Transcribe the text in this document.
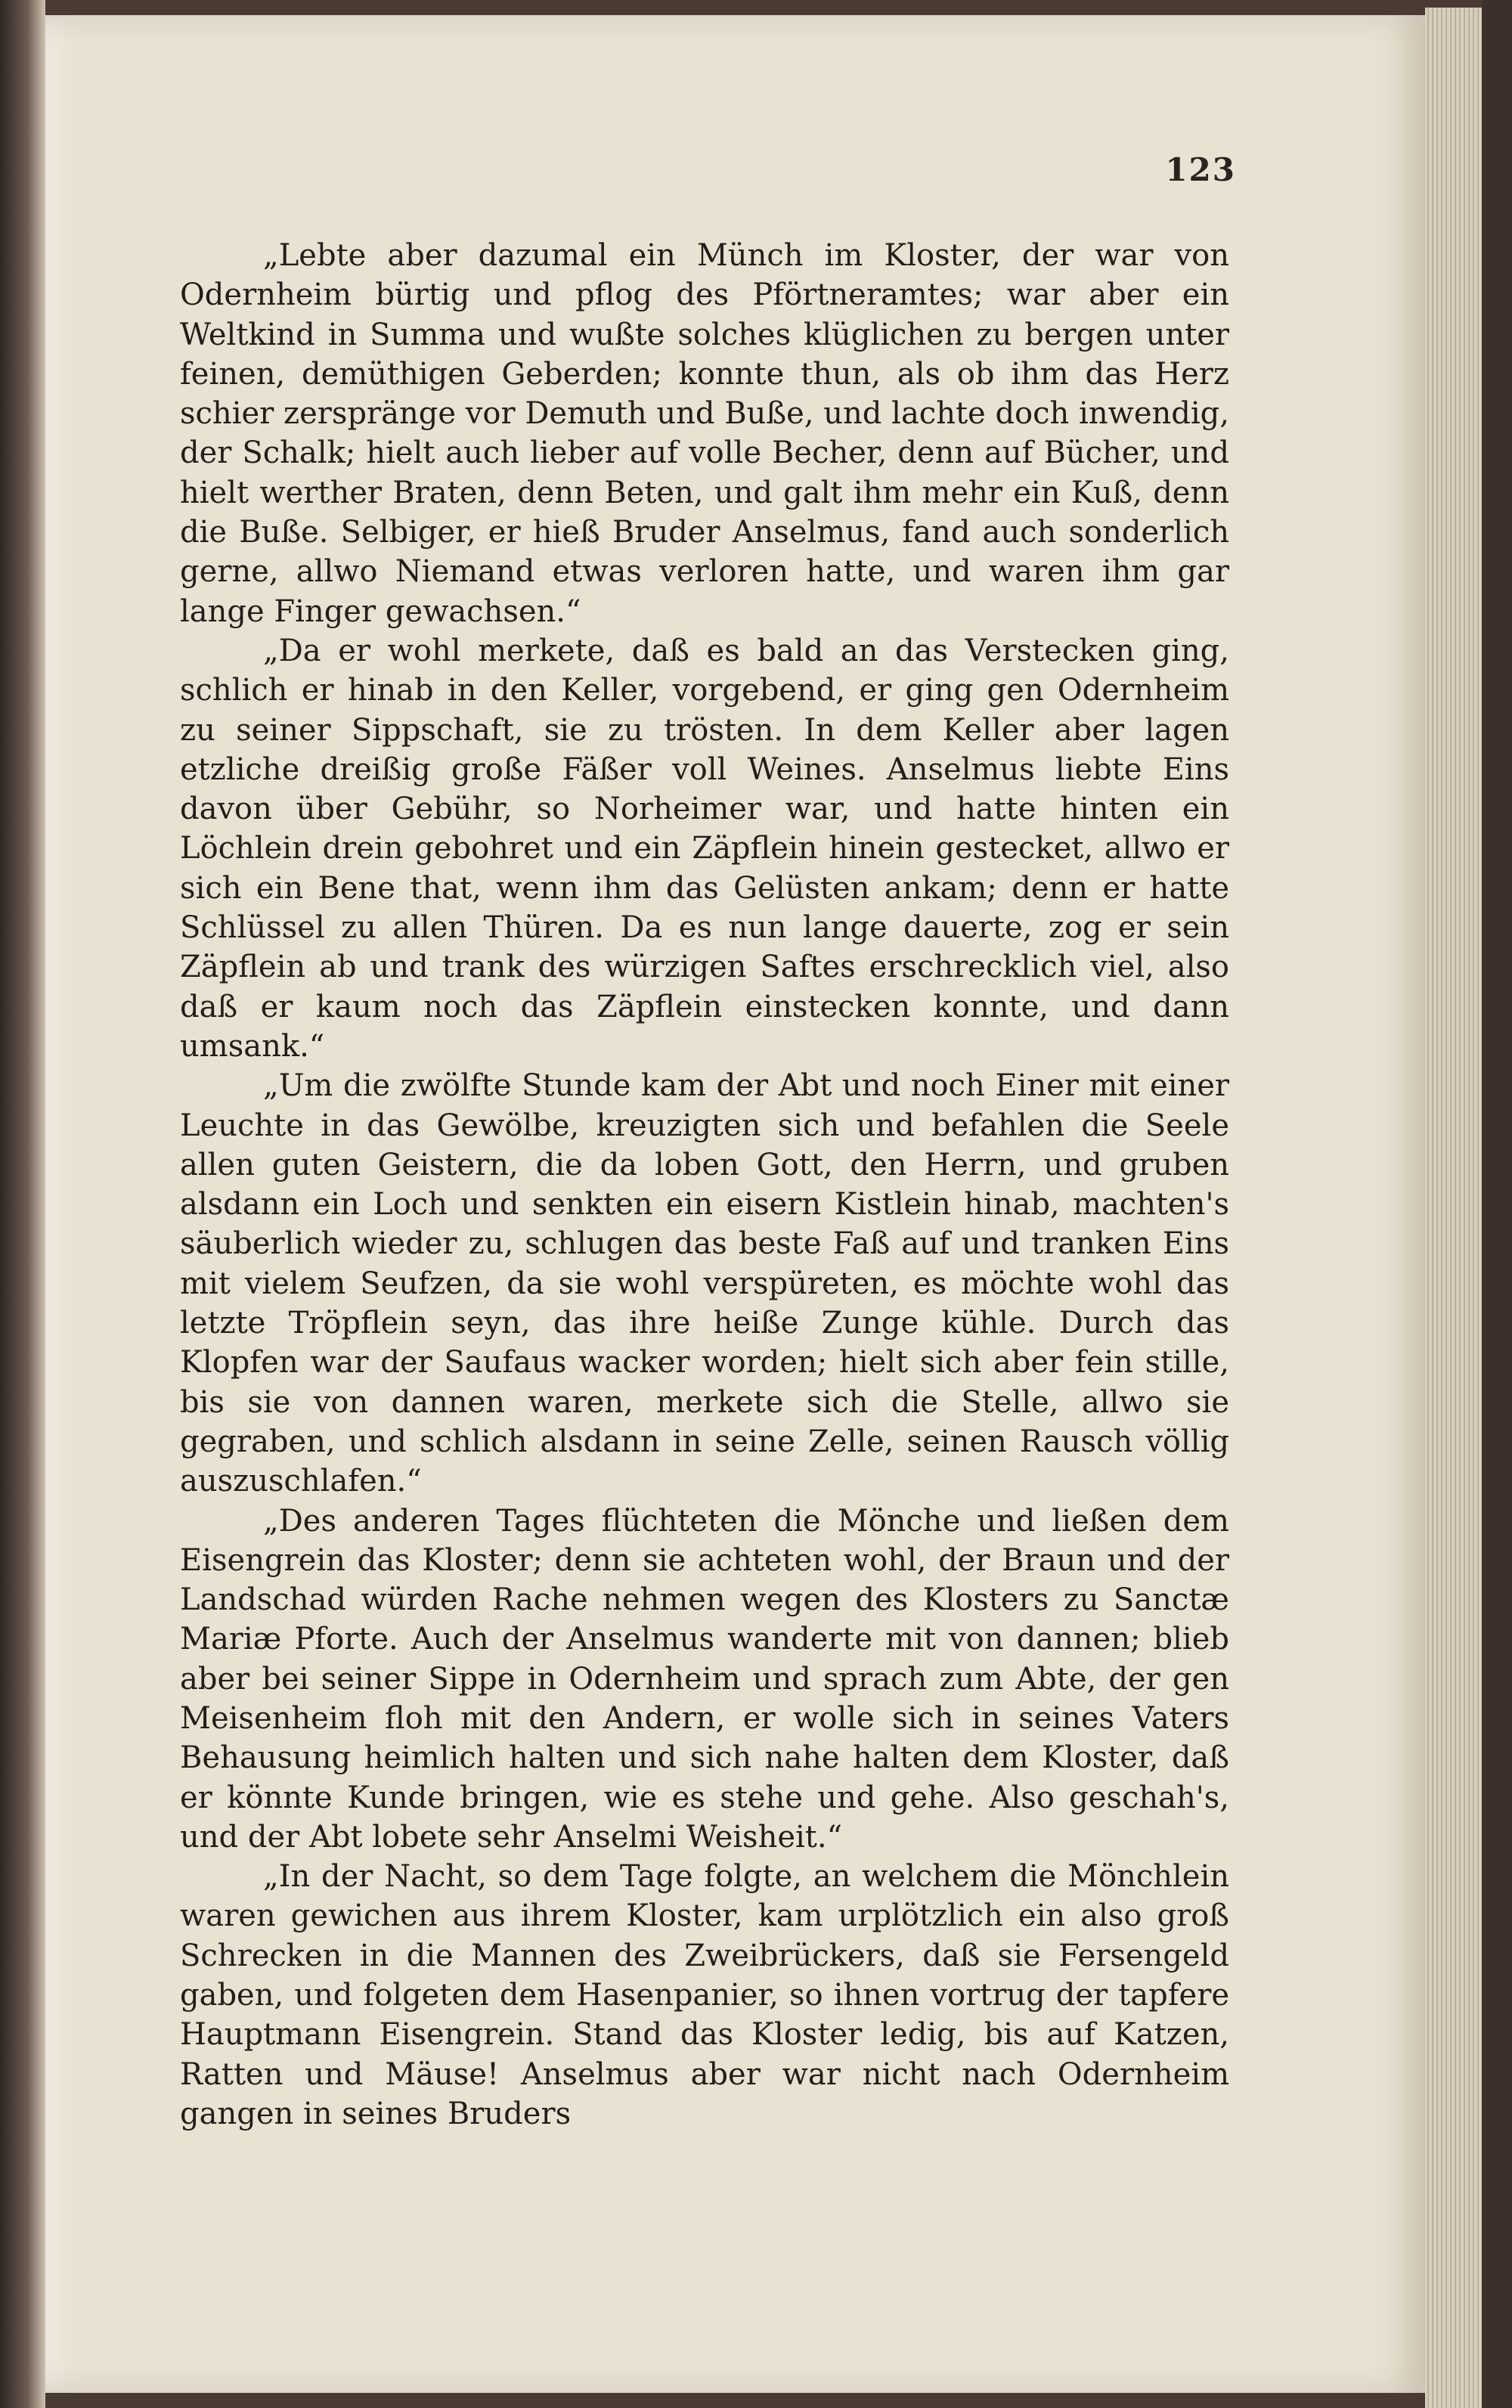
123

„Lebte aber dazumal ein Münch im Kloster, der war von Odernheim bürtig und pflog des Pförtneramtes; war aber ein Weltkind in Summa und wußte solches klüglichen zu bergen unter feinen, demüthigen Geberden; konnte thun, als ob ihm das Herz schier zerspränge vor Demuth und Buße, und lachte doch inwendig, der Schalk; hielt auch lieber auf volle Becher, denn auf Bücher, und hielt werther Braten, denn Beten, und galt ihm mehr ein Kuß, denn die Buße. Selbiger, er hieß Bruder Anselmus, fand auch sonderlich gerne, allwo Niemand etwas verloren hatte, und waren ihm gar lange Finger gewachsen.“

„Da er wohl merkete, daß es bald an das Verstecken ging, schlich er hinab in den Keller, vorgebend, er ging gen Odernheim zu seiner Sippschaft, sie zu trösten. In dem Keller aber lagen etzliche dreißig große Fäßer voll Weines. Anselmus liebte Eins davon über Gebühr, so Norheimer war, und hatte hinten ein Löchlein drein gebohret und ein Zäpflein hinein gestecket, allwo er sich ein Bene that, wenn ihm das Gelüsten ankam; denn er hatte Schlüssel zu allen Thüren. Da es nun lange dauerte, zog er sein Zäpflein ab und trank des würzigen Saftes erschrecklich viel, also daß er kaum noch das Zäpflein einstecken konnte, und dann umsank.“

„Um die zwölfte Stunde kam der Abt und noch Einer mit einer Leuchte in das Gewölbe, kreuzigten sich und befahlen die Seele allen guten Geistern, die da loben Gott, den Herrn, und gruben alsdann ein Loch und senkten ein eisern Kistlein hinab, machten's säuberlich wieder zu, schlugen das beste Faß auf und tranken Eins mit vielem Seufzen, da sie wohl verspüreten, es möchte wohl das letzte Tröpflein seyn, das ihre heiße Zunge kühle. Durch das Klopfen war der Saufaus wacker worden; hielt sich aber fein stille, bis sie von dannen waren, merkete sich die Stelle, allwo sie gegraben, und schlich alsdann in seine Zelle, seinen Rausch völlig auszuschlafen.“

„Des anderen Tages flüchteten die Mönche und ließen dem Eisengrein das Kloster; denn sie achteten wohl, der Braun und der Landschad würden Rache nehmen wegen des Klosters zu Sanctæ Mariæ Pforte. Auch der Anselmus wanderte mit von dannen; blieb aber bei seiner Sippe in Odernheim und sprach zum Abte, der gen Meisenheim floh mit den Andern, er wolle sich in seines Vaters Behausung heimlich halten und sich nahe halten dem Kloster, daß er könnte Kunde bringen, wie es stehe und gehe. Also geschah's, und der Abt lobete sehr Anselmi Weisheit.“

„In der Nacht, so dem Tage folgte, an welchem die Mönchlein waren gewichen aus ihrem Kloster, kam urplötzlich ein also groß Schrecken in die Mannen des Zweibrückers, daß sie Fersengeld gaben, und folgeten dem Hasenpanier, so ihnen vortrug der tapfere Hauptmann Eisengrein. Stand das Kloster ledig, bis auf Katzen, Ratten und Mäuse! Anselmus aber war nicht nach Odernheim gangen in seines Bruders
